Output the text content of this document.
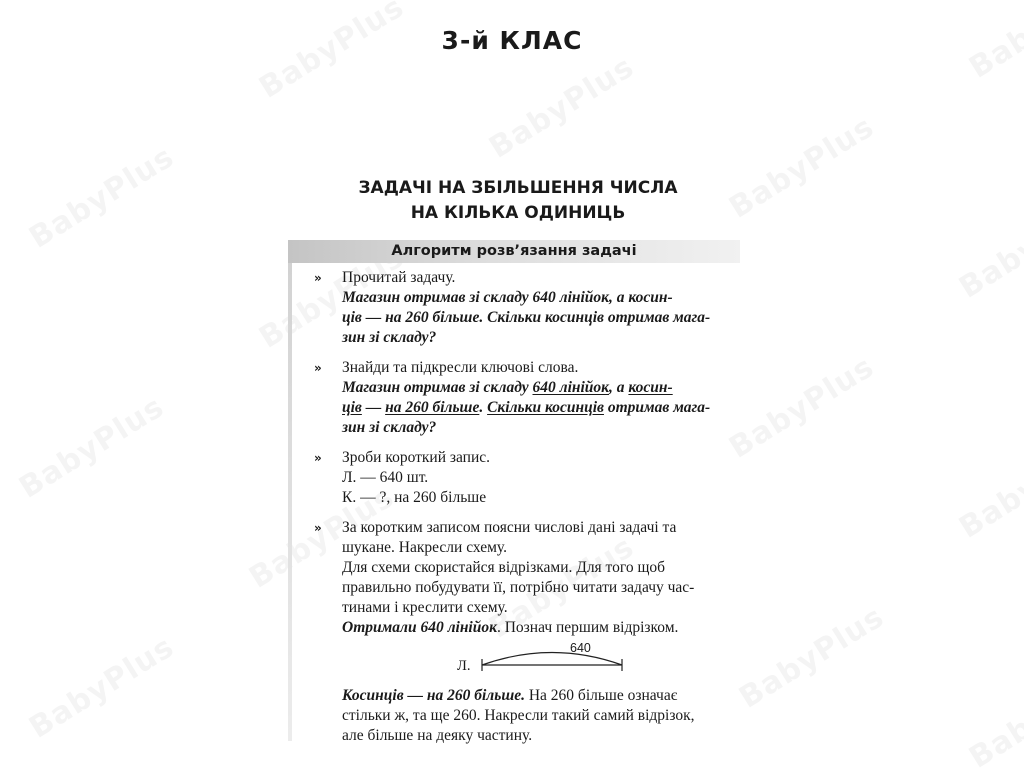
3-й КЛАС
ЗАДАЧІ НА ЗБІЛЬШЕННЯ ЧИСЛА
НА КІЛЬКА ОДИНИЦЬ
Алгоритм розв’язання задачі
» Прочитай задачу.
Магазин отримав зі складу 640 лінійок, а косин-
ців — на 260 більше. Скільки косинців отримав мага-
зин зі складу?
» Знайди та підкресли ключові слова.
Магазин отримав зі складу 640 лінійок, а косин-
ців — на 260 більше. Скільки косинців отримав мага-
зин зі складу?
» Зроби короткий запис.
Л. — 640 шт.
К. — ?, на 260 більше
» За коротким записом поясни числові дані задачі та
шукане. Накресли схему.
Для схеми скористайся відрізками. Для того щоб
правильно побудувати її, потрібно читати задачу час-
тинами і креслити схему.
Отримали 640 лінійок. Познач першим відрізком.
640
Л.
Косинців — на 260 більше. На 260 більше означає
стільки ж, та ще 260. Накресли такий самий відрізок,
але більше на деяку частину.
